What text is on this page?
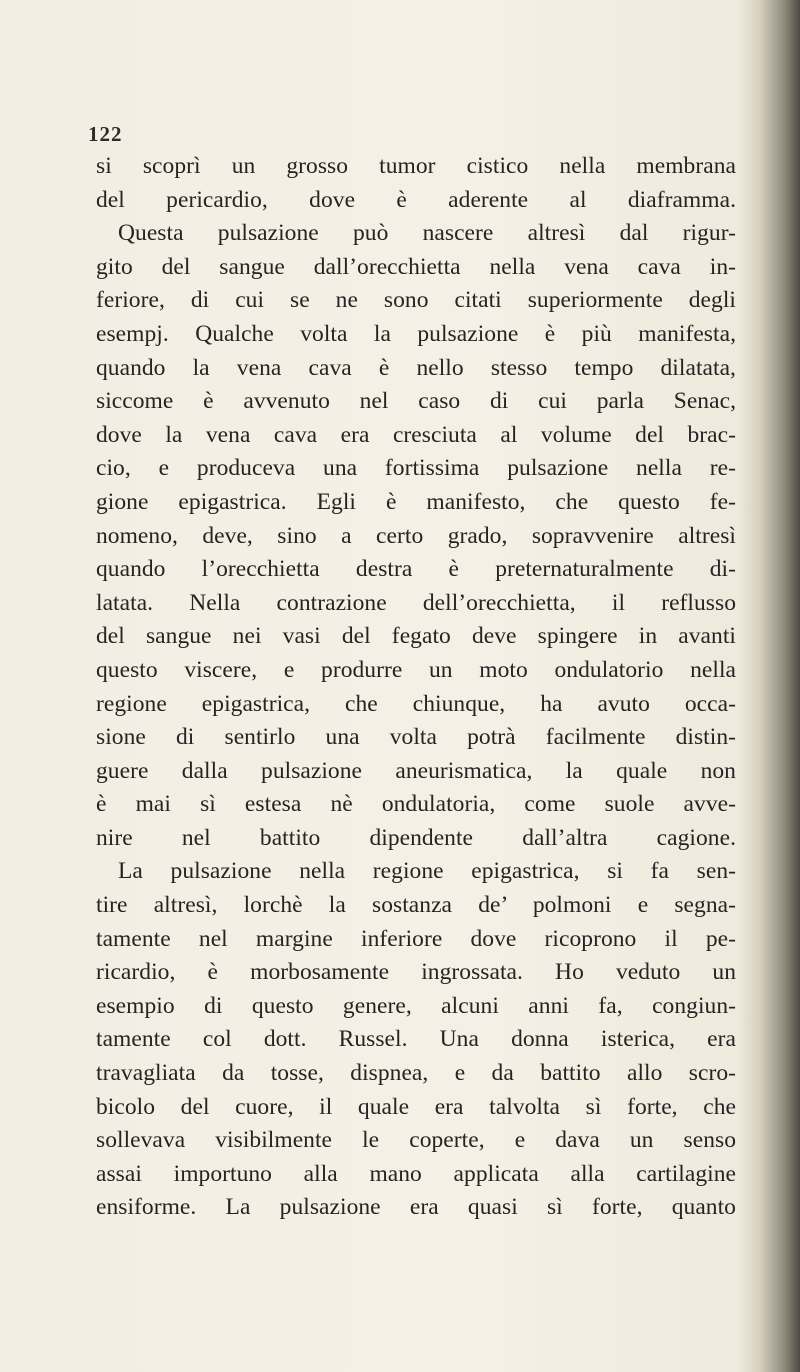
122
si scoprì un grosso tumor cistico nella membrana
del pericardio, dove è aderente al diaframma.
Questa pulsazione può nascere altresì dal rigur-
gito del sangue dall’orecchietta nella vena cava in-
feriore, di cui se ne sono citati superiormente degli
esempj. Qualche volta la pulsazione è più manifesta,
quando la vena cava è nello stesso tempo dilatata,
siccome è avvenuto nel caso di cui parla Senac,
dove la vena cava era cresciuta al volume del brac-
cio, e produceva una fortissima pulsazione nella re-
gione epigastrica. Egli è manifesto, che questo fe-
nomeno, deve, sino a certo grado, sopravvenire altresì
quando l’orecchietta destra è preternaturalmente di-
latata. Nella contrazione dell’orecchietta, il reflusso
del sangue nei vasi del fegato deve spingere in avanti
questo viscere, e produrre un moto ondulatorio nella
regione epigastrica, che chiunque, ha avuto occa-
sione di sentirlo una volta potrà facilmente distin-
guere dalla pulsazione aneurismatica, la quale non
è mai sì estesa nè ondulatoria, come suole avve-
nire nel battito dipendente dall’altra cagione.
La pulsazione nella regione epigastrica, si fa sen-
tire altresì, lorchè la sostanza de’ polmoni e segna-
tamente nel margine inferiore dove ricoprono il pe-
ricardio, è morbosamente ingrossata. Ho veduto un
esempio di questo genere, alcuni anni fa, congiun-
tamente col dott. Russel. Una donna isterica, era
travagliata da tosse, dispnea, e da battito allo scro-
bicolo del cuore, il quale era talvolta sì forte, che
sollevava visibilmente le coperte, e dava un senso
assai importuno alla mano applicata alla cartilagine
ensiforme. La pulsazione era quasi sì forte, quanto
